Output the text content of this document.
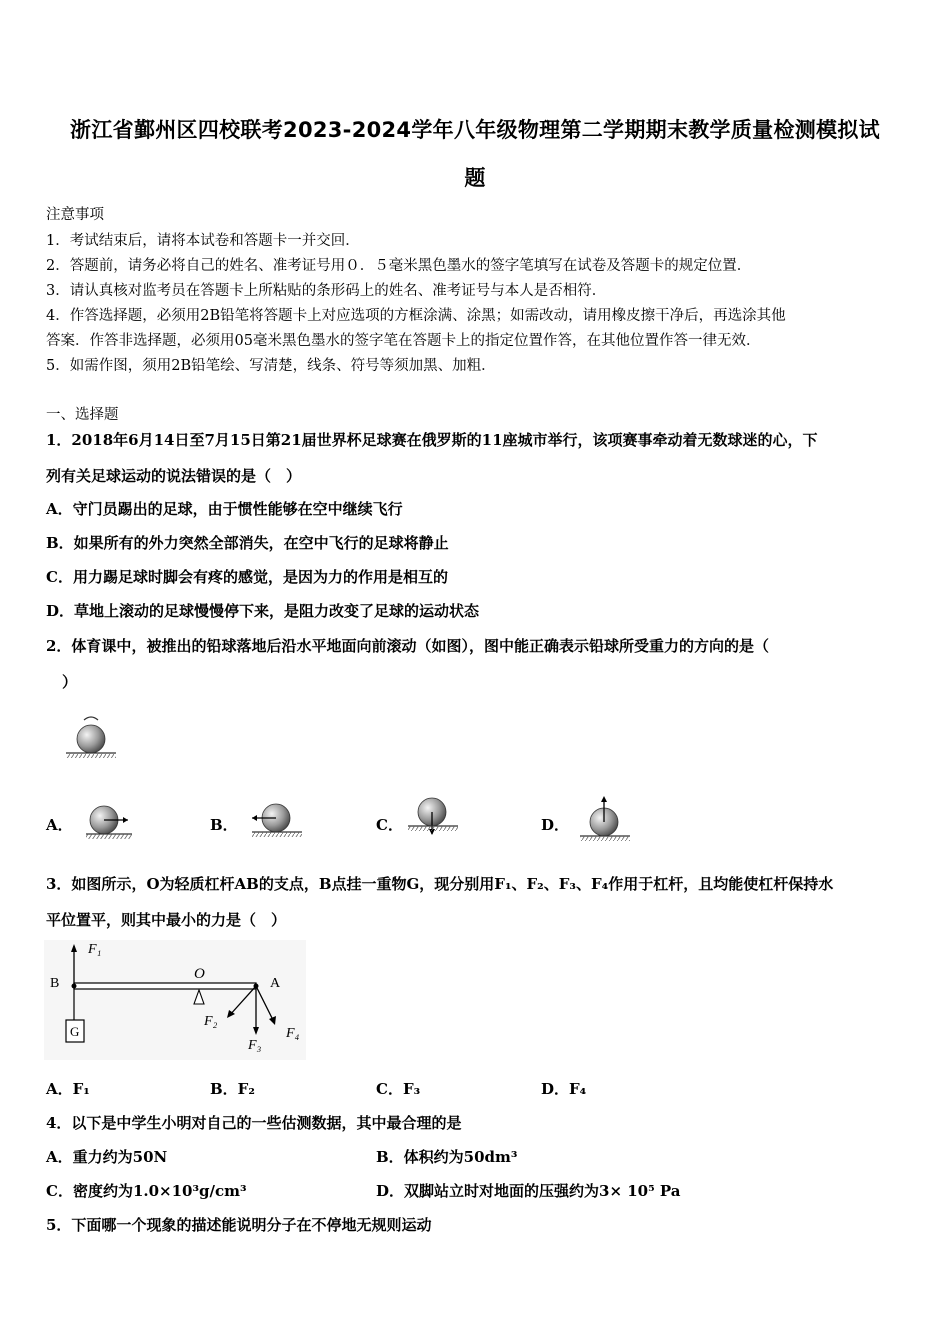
浙江省鄞州区四校联考2023-2024学年八年级物理第二学期期末教学质量检测模拟试
题
注意事项
1．考试结束后，请将本试卷和答题卡一并交回．
2．答题前，请务必将自己的姓名、准考证号用０．５毫米黑色墨水的签字笔填写在试卷及答题卡的规定位置．
3．请认真核对监考员在答题卡上所粘贴的条形码上的姓名、准考证号与本人是否相符．
4．作答选择题，必须用2B铅笔将答题卡上对应选项的方框涂满、涂黑；如需改动，请用橡皮擦干净后，再选涂其他
答案．作答非选择题，必须用05毫米黑色墨水的签字笔在答题卡上的指定位置作答，在其他位置作答一律无效．
5．如需作图，须用2B铅笔绘、写清楚，线条、符号等须加黑、加粗．
一、选择题
1．2018年6月14日至7月15日第21届世界杯足球赛在俄罗斯的11座城市举行，该项赛事牵动着无数球迷的心，下
列有关足球运动的说法错误的是（　）
A．守门员踢出的足球，由于惯性能够在空中继续飞行
B．如果所有的外力突然全部消失，在空中飞行的足球将静止
C．用力踢足球时脚会有疼的感觉，是因为力的作用是相互的
D．草地上滚动的足球慢慢停下来，是阻力改变了足球的运动状态
2．体育课中，被推出的铅球落地后沿水平地面向前滚动（如图），图中能正确表示铅球所受重力的方向的是（
）
A．	B．	C．	D．
3．如图所示，O为轻质杠杆AB的支点，B点挂一重物G，现分别用F₁、F₂、F₃、F₄作用于杠杆，且均能使杠杆保持水
平位置平，则其中最小的力是（　）
B
F₁
O
A
G
F₂
F₃
F₄
A．F₁	B．F₂	C．F₃	D．F₄
4．以下是中学生小明对自己的一些估测数据，其中最合理的是
A．重力约为50N	B．体积约为50dm³
C．密度约为1.0×10³g/cm³	D．双脚站立时对地面的压强约为3× 10⁵ Pa
5．下面哪一个现象的描述能说明分子在不停地无规则运动
